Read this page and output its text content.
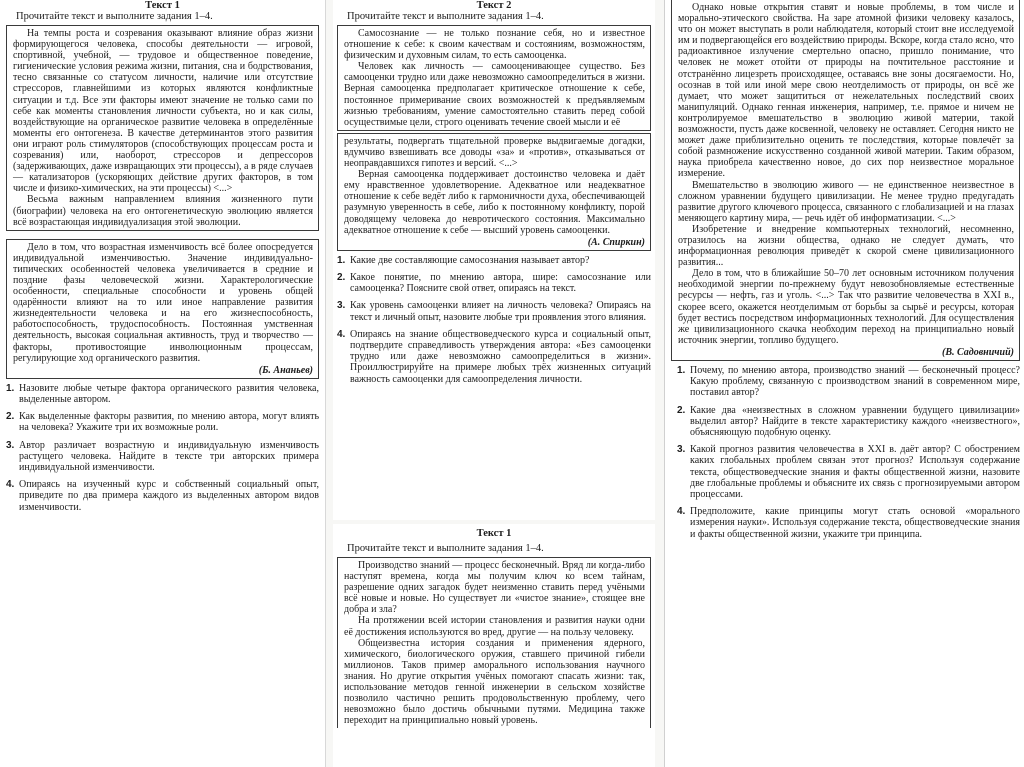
Текст 1
Прочитайте текст и выполните задания 1–4.

На темпы роста и созревания оказывают влияние образ жизни формирующегося человека, способы деятельности — игровой, спортивной, учебной, — трудовое и общественное поведение, гигиенические условия режима жизни, питания, сна и бодрствования, тесно связанные со статусом личности, наличие или отсутствие стрессоров, главнейшими из которых являются конфликтные ситуации и т.д. Все эти факторы имеют значение не только сами по себе как моменты становления личности субъекта, но и как силы, воздействующие на органическое развитие человека в определённые моменты его онтогенеза. В качестве детерминантов этого развития они играют роль стимуляторов (способствующих процессам роста и созревания) или, наоборот, стрессоров и депрессоров (задерживающих, даже извращающих эти процессы), а в ряде случаев — катализаторов (ускоряющих действие других факторов, в том числе и физико-химических, на эти процессы) <...>

Весьма важным направлением влияния жизненного пути (биографии) человека на его онтогенетическую эволюцию является всё возрастающая индивидуализация этой эволюции.

Дело в том, что возрастная изменчивость всё более опосредуется индивидуальной изменчивостью. Значение индивидуально-типических особенностей человека увеличивается в средние и поздние фазы человеческой жизни. Характерологические особенности, специальные способности и уровень общей одарённости влияют на то или иное направление развития жизнедеятельности человека и на его жизнеспособность, работоспособность, трудоспособность. Постоянная умственная деятельность, высокая социальная активность, труд и творчество — факторы, противостоящие инволюционным процессам, регулирующие ход органического развития.

(Б. Ананьев)
1. Назовите любые четыре фактора органического развития человека, выделенные автором.
2. Как выделенные факторы развития, по мнению автора, могут влиять на человека? Укажите три их возможные роли.
3. Автор различает возрастную и индивидуальную изменчивость растущего человека. Найдите в тексте три авторских примера индивидуальной изменчивости.
4. Опираясь на изученный курс и собственный социальный опыт, приведите по два примера каждого из выделенных автором видов изменчивости.
Текст 2
Прочитайте текст и выполните задания 1–4.

Самосознание — не только познание себя, но и известное отношение к себе: к своим качествам и состояниям, возможностям, физическим и духовным силам, то есть самооценка.

Человек как личность — самооценивающее существо. Без самооценки трудно или даже невозможно самоопределиться в жизни. Верная самооценка предполагает критическое отношение к себе, постоянное примеривание своих возможностей к предъявляемым жизнью требованиям, умение самостоятельно ставить перед собой осуществимые цели, строго оценивать течение своей мысли и её

результаты, подвергать тщательной проверке выдвигаемые догадки, вдумчиво взвешивать все доводы «за» и «против», отказываться от неоправдавшихся гипотез и версий. <...>

Верная самооценка поддерживает достоинство человека и даёт ему нравственное удовлетворение. Адекватное или неадекватное отношение к себе ведёт либо к гармоничности духа, обеспечивающей разумную уверенность в себе, либо к постоянному конфликту, порой доводящему человека до невротического состояния. Максимально адекватное отношение к себе — высший уровень самооценки.

(А. Спиркин)
1. Какие две составляющие самосознания называет автор?
2. Какое понятие, по мнению автора, шире: самосознание или самооценка? Поясните свой ответ, опираясь на текст.
3. Как уровень самооценки влияет на личность человека? Опираясь на текст и личный опыт, назовите любые три проявления этого влияния.
4. Опираясь на знание обществоведческого курса и социальный опыт, подтвердите справедливость утверждения автора: «Без самооценки трудно или даже невозможно самоопределиться в жизни». Проиллюстрируйте на примере любых трёх жизненных ситуаций важность самооценки для самоопределения личности.
Текст 1
Прочитайте текст и выполните задания 1–4.

Производство знаний — процесс бесконечный. Вряд ли когда-либо наступят времена, когда мы получим ключ ко всем тайнам, разрешение одних загадок будет неизменно ставить перед учёными всё новые и новые. Но существует ли «чистое знание», стоящее вне добра и зла?

На протяжении всей истории становления и развития науки одни её достижения используются во вред, другие — на пользу человеку.

Общеизвестна история создания и применения ядерного, химического, биологического оружия, ставшего причиной гибели миллионов. Таков пример аморального использования научного знания. Но другие открытия учёных помогают спасать жизни: так, использование методов генной инженерии в сельском хозяйстве позволило частично решить продовольственную проблему, чего невозможно было достичь обычными путями. Медицина также переходит на принципиально новый уровень.

Однако новые открытия ставят и новые проблемы, в том числе и морально-этического свойства. На заре атомной физики человеку казалось, что он может выступать в роли наблюдателя, который стоит вне исследуемой им и подвергающейся его воздействию природы. Вскоре, когда стало ясно, что радиоактивное излучение смертельно опасно, пришло понимание, что человек не может отойти от природы на почтительное расстояние и отстранённо лицезреть происходящее, оставаясь вне зоны досягаемости. Но, осознав в той или иной мере свою неотделимость от природы, он всё же думает, что может защититься от нежелательных последствий своих манипуляций. Однако генная инженерия, например, т.е. прямое и ничем не контролируемое вмешательство в эволюцию живой материи, такой возможности, пусть даже косвенной, человеку не оставляет. Сегодня никто не может даже приблизительно оценить те последствия, которые повлечёт за собой размножение искусственно созданной живой материи. Таким образом, наука приобрела качественно новое, до сих пор неизвестное моральное измерение.

Вмешательство в эволюцию живого — не единственное неизвестное в сложном уравнении будущего цивилизации. Не менее трудно предугадать развитие другого ключевого процесса, связанного с глобализацией и на глазах меняющего картину мира, — речь идёт об информатизации. <...>

Изобретение и внедрение компьютерных технологий, несомненно, отразилось на жизни общества, однако не следует думать, что информационная революция приведёт к скорой смене цивилизационного развития...

Дело в том, что в ближайшие 50–70 лет основным источником получения необходимой энергии по-прежнему будут невозобновляемые естественные ресурсы — нефть, газ и уголь. <...> Так что развитие человечества в XXI в., скорее всего, окажется неотделимым от борьбы за сырьё и ресурсы, которая будет вестись посредством информационных технологий. Для осуществления же цивилизационного скачка необходим переход на принципиально новый источник энергии, топливо будущего.

(В. Садовничий)
1. Почему, по мнению автора, производство знаний — бесконечный процесс? Какую проблему, связанную с производством знаний в современном мире, поставил автор?
2. Какие два «неизвестных в сложном уравнении будущего цивилизации» выделил автор? Найдите в тексте характеристику каждого «неизвестного», объясняющую подобную оценку.
3. Какой прогноз развития человечества в XXI в. даёт автор? С обострением каких глобальных проблем связан этот прогноз? Используя содержание текста, обществоведческие знания и факты общественной жизни, назовите две глобальные проблемы и объясните их связь с прогнозируемыми автором процессами.
4. Предположите, какие принципы могут стать основой «морального измерения науки». Используя содержание текста, обществоведческие знания и факты общественной жизни, укажите три принципа.
